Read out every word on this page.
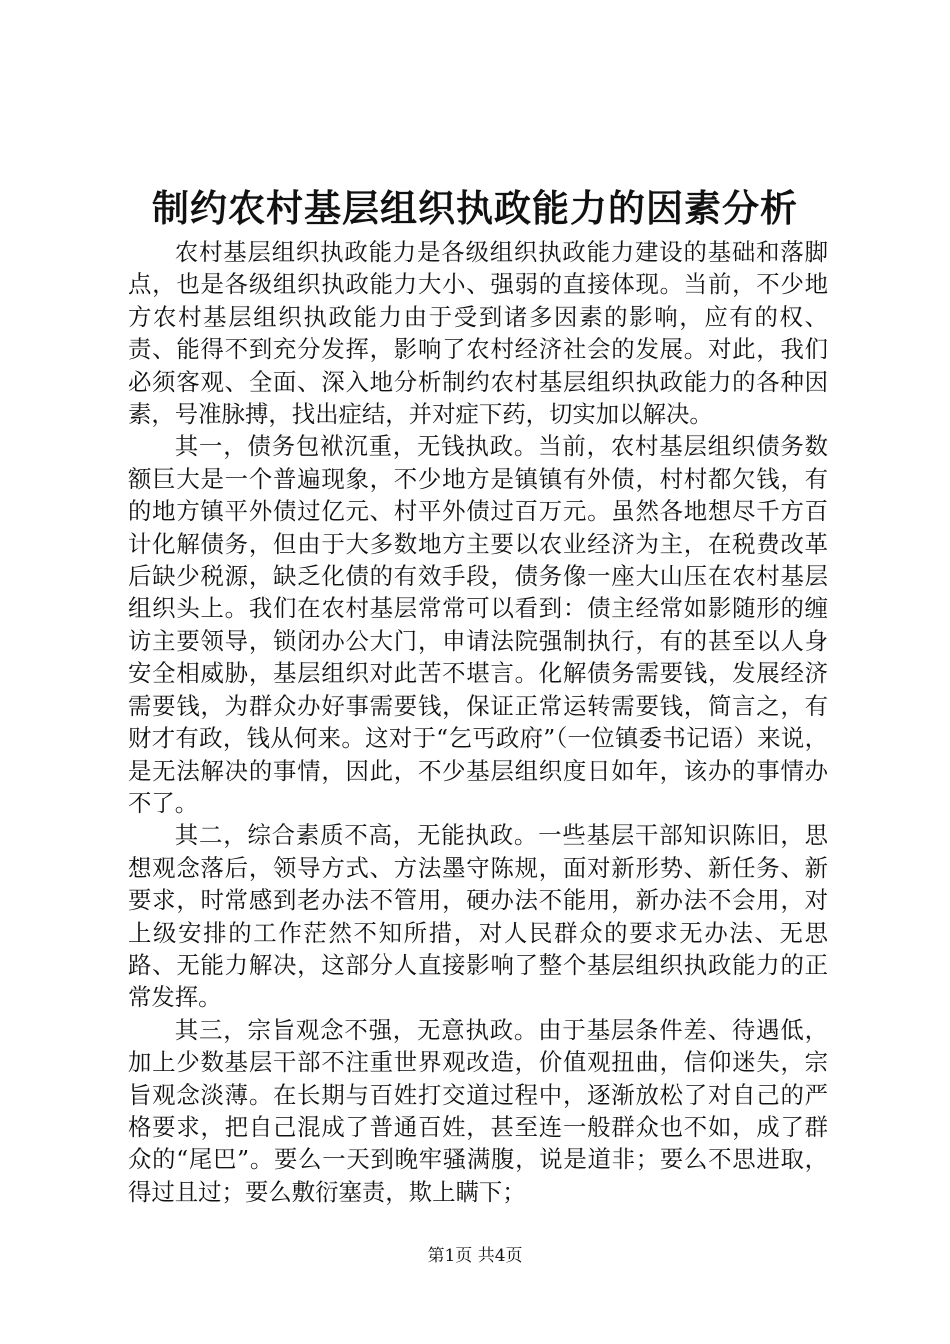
制约农村基层组织执政能力的因素分析

农村基层组织执政能力是各级组织执政能力建设的基础和落脚点，也是各级组织执政能力大小、强弱的直接体现。当前，不少地方农村基层组织执政能力由于受到诸多因素的影响，应有的权、责、能得不到充分发挥，影响了农村经济社会的发展。对此，我们必须客观、全面、深入地分析制约农村基层组织执政能力的各种因素，号准脉搏，找出症结，并对症下药，切实加以解决。

其一，债务包袱沉重，无钱执政。当前，农村基层组织债务数额巨大是一个普遍现象，不少地方是镇镇有外债，村村都欠钱，有的地方镇平外债过亿元、村平外债过百万元。虽然各地想尽千方百计化解债务，但由于大多数地方主要以农业经济为主，在税费改革后缺少税源，缺乏化债的有效手段，债务像一座大山压在农村基层组织头上。我们在农村基层常常可以看到：债主经常如影随形的缠访主要领导，锁闭办公大门，申请法院强制执行，有的甚至以人身安全相威胁，基层组织对此苦不堪言。化解债务需要钱，发展经济需要钱，为群众办好事需要钱，保证正常运转需要钱，简言之，有财才有政，钱从何来。这对于“乞丐政府”（一位镇委书记语）来说，是无法解决的事情，因此，不少基层组织度日如年，该办的事情办不了。

其二，综合素质不高，无能执政。一些基层干部知识陈旧，思想观念落后，领导方式、方法墨守陈规，面对新形势、新任务、新要求，时常感到老办法不管用，硬办法不能用，新办法不会用，对上级安排的工作茫然不知所措，对人民群众的要求无办法、无思路、无能力解决，这部分人直接影响了整个基层组织执政能力的正常发挥。

其三，宗旨观念不强，无意执政。由于基层条件差、待遇低，加上少数基层干部不注重世界观改造，价值观扭曲，信仰迷失，宗旨观念淡薄。在长期与百姓打交道过程中，逐渐放松了对自己的严格要求，把自己混成了普通百姓，甚至连一般群众也不如，成了群众的“尾巴”。要么一天到晚牢骚满腹，说是道非；要么不思进取，得过且过；要么敷衍塞责，欺上瞒下；

第1页 共4页
